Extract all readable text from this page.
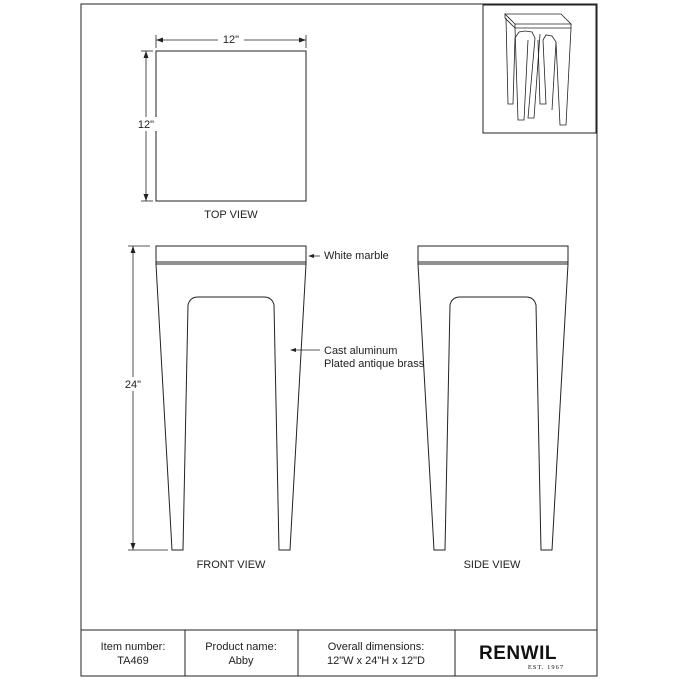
12"
12"
TOP VIEW
24"
FRONT VIEW
White marble
Cast aluminum
Plated antique brass
SIDE VIEW
Item number:
TA469
Product name:
Abby
Overall dimensions:
12"W x 24"H x 12"D	RENWIL
EST. 1967
